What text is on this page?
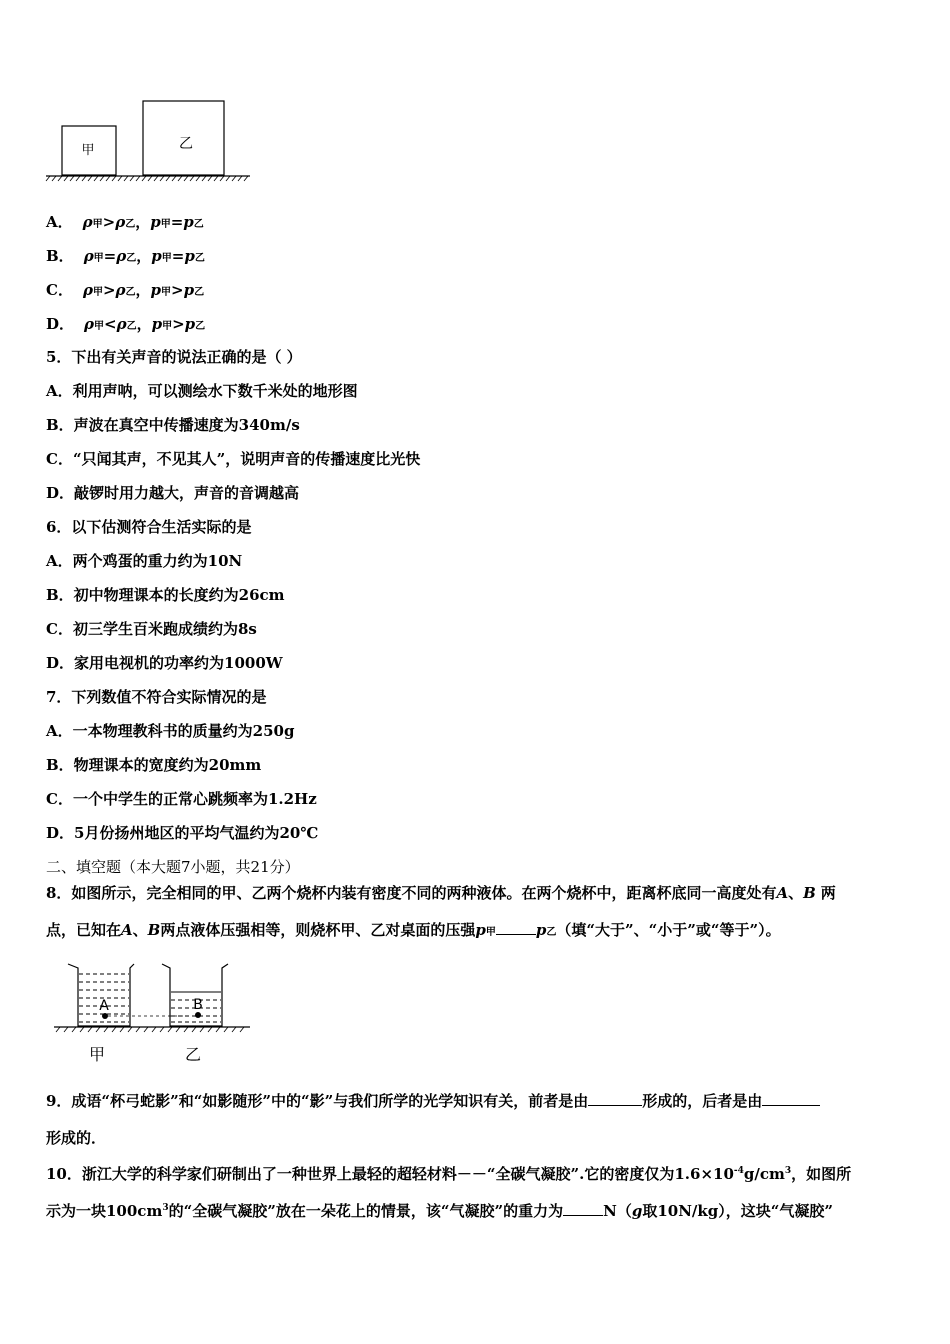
甲	乙
A． ρ甲>ρ乙，p甲=p乙
B． ρ甲=ρ乙，p甲=p乙
C． ρ甲>ρ乙，p甲>p乙
D． ρ甲<ρ乙，p甲>p乙
5．下出有关声音的说法正确的是（ ）
A．利用声呐，可以测绘水下数千米处的地形图
B．声波在真空中传播速度为340m/s
C．“只闻其声，不见其人”，说明声音的传播速度比光快
D．敲锣时用力越大，声音的音调越高
6．以下估测符合生活实际的是
A．两个鸡蛋的重力约为10N
B．初中物理课本的长度约为26cm
C．初三学生百米跑成绩约为8s
D．家用电视机的功率约为1000W
7．下列数值不符合实际情况的是
A．一本物理教科书的质量约为250g
B．物理课本的宽度约为20mm
C．一个中学生的正常心跳频率为1.2Hz
D．5月份扬州地区的平均气温约为20℃
二、填空题（本大题7小题，共21分）
8．如图所示，完全相同的甲、乙两个烧杯内装有密度不同的两种液体。在两个烧杯中，距离杯底同一高度处有A、B 两
点，已知在A、B两点液体压强相等，则烧杯甲、乙对桌面的压强p甲	p乙（填“大于”、“小于”或“等于”）。
A	B
甲	乙
9．成语“杯弓蛇影”和“如影随形”中的“影”与我们所学的光学知识有关，前者是由	形成的，后者是由
形成的．
10．浙江大学的科学家们研制出了一种世界上最轻的超轻材料－－“全碳气凝胶”.它的密度仅为$1.6\times 10^{-4}g/cm^3$，如图所
示为一块$100cm^3$的“全碳气凝胶”放在一朵花上的情景，该“气凝胶”的重力为	N（g取10N/kg），这块“气凝胶”
